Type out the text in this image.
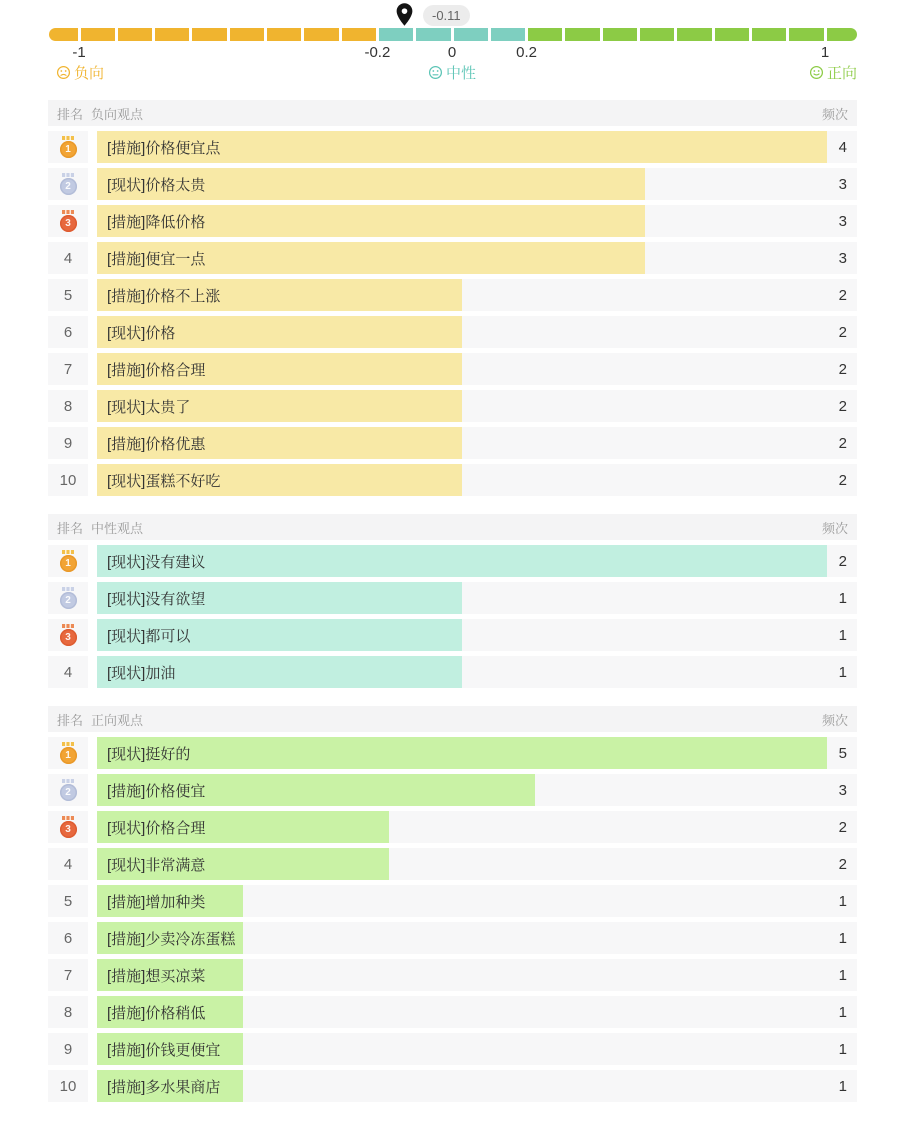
-0.11
-1	-0.2	0	0.2	1
负向	中性	正向
排名 负向观点	频次
1	[措施]价格便宜点	4
2	[现状]价格太贵	3
3	[措施]降低价格	3
4 [措施]便宜一点	3
5 [措施]价格不上涨	2
6 [现状]价格	2
7 [措施]价格合理	2
8 [现状]太贵了	2
9 [措施]价格优惠	2
10 [现状]蛋糕不好吃	2
排名 中性观点	频次
1	[现状]没有建议	2
2	[现状]没有欲望	1
3	[现状]都可以	1
4 [现状]加油	1
排名 正向观点	频次
1	[现状]挺好的	5
2	[措施]价格便宜	3
3	[现状]价格合理	2
4 [现状]非常满意	2
5 [措施]增加种类	1
6 [措施]少卖冷冻蛋糕	1
7 [措施]想买凉菜	1
8 [措施]价格稍低	1
9 [措施]价钱更便宜	1
10 [措施]多水果商店	1
